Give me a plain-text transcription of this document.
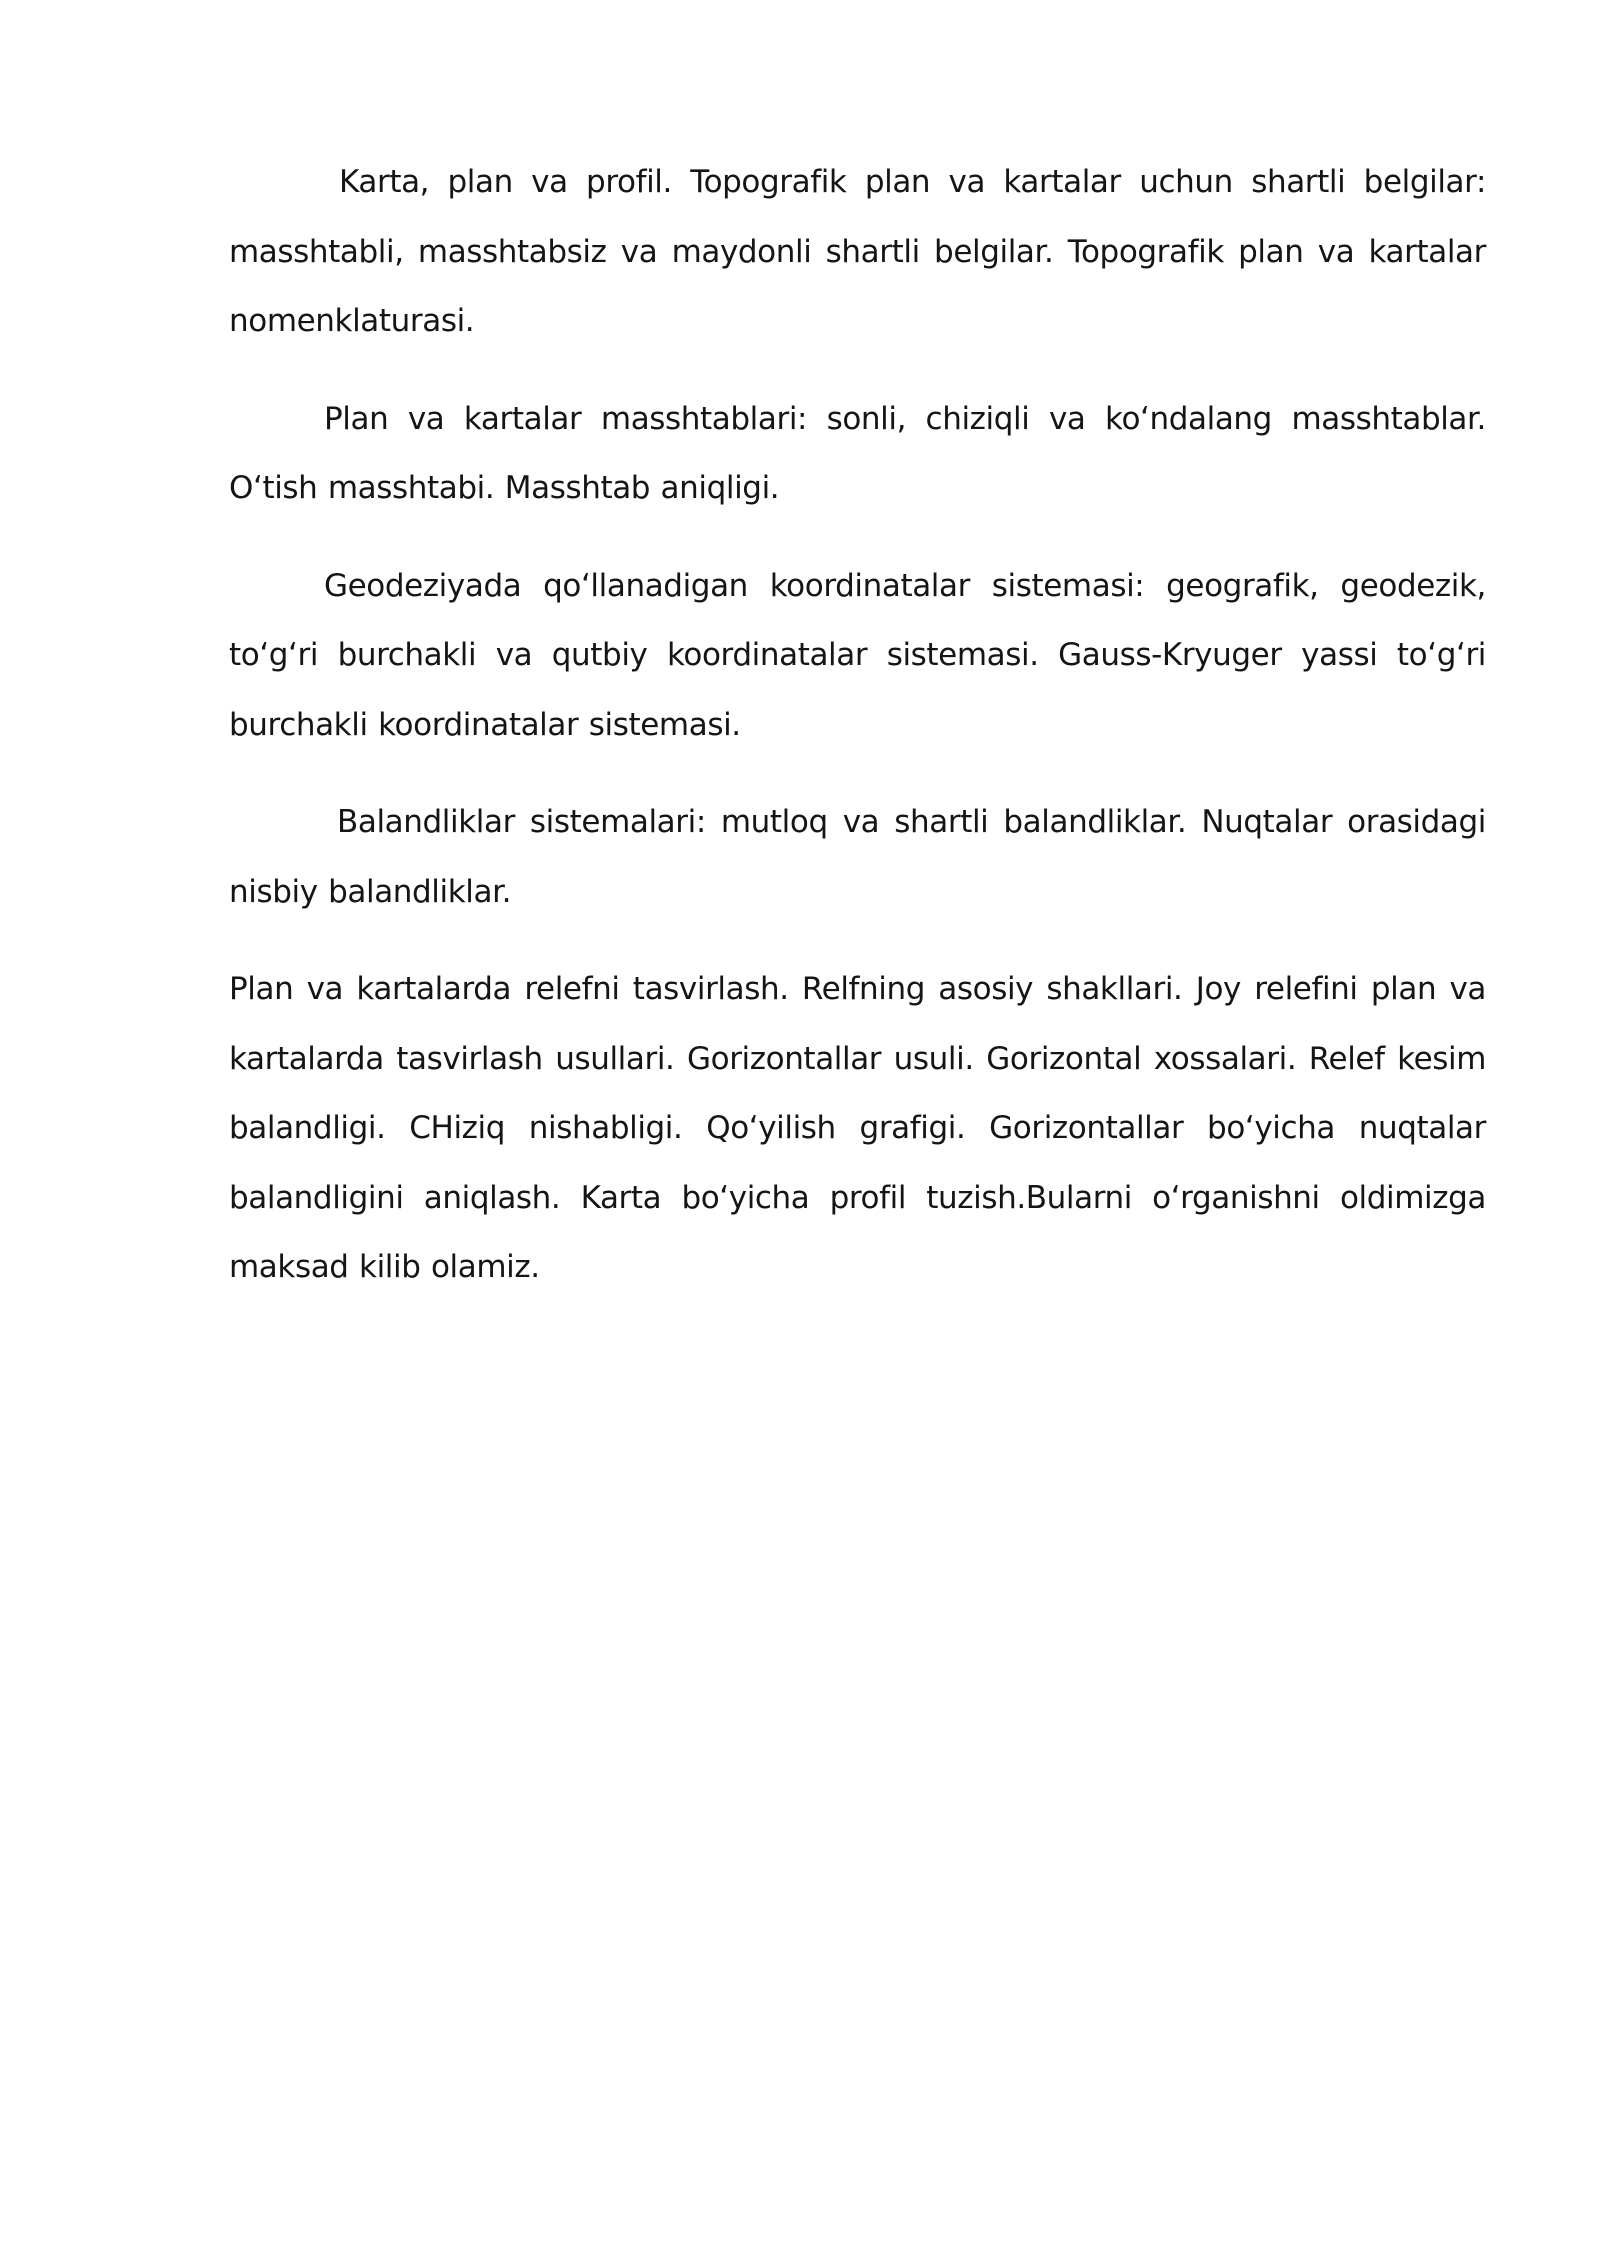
Karta, plan va profil. Topografik plan va kartalar uchun shartli belgilar: masshtabli, masshtabsiz va maydonli shartli belgilar. Topografik plan va kartalar nomenklaturasi.

Plan va kartalar masshtablari: sonli, chiziqli va ko‘ndalang masshtablar. O‘tish masshtabi. Masshtab aniqligi.

Geodeziyada qo‘llanadigan koordinatalar sistemasi: geografik, geodezik, to‘g‘ri burchakli va qutbiy koordinatalar sistemasi. Gauss-Kryuger yassi to‘g‘ri burchakli koordinatalar sistemasi.

Balandliklar sistemalari: mutloq va shartli balandliklar. Nuqtalar orasidagi nisbiy balandliklar.

Plan va kartalarda relefni tasvirlash. Relfning asosiy shakllari. Joy relefini plan va kartalarda tasvirlash usullari. Gorizontallar usuli. Gorizontal xossalari. Relef kesim balandligi. CHiziq nishabligi. Qo‘yilish grafigi. Gorizontallar bo‘yicha nuqtalar balandligini aniqlash. Karta bo‘yicha profil tuzish.Bularni o‘rganishni oldimizga maksad kilib olamiz.
